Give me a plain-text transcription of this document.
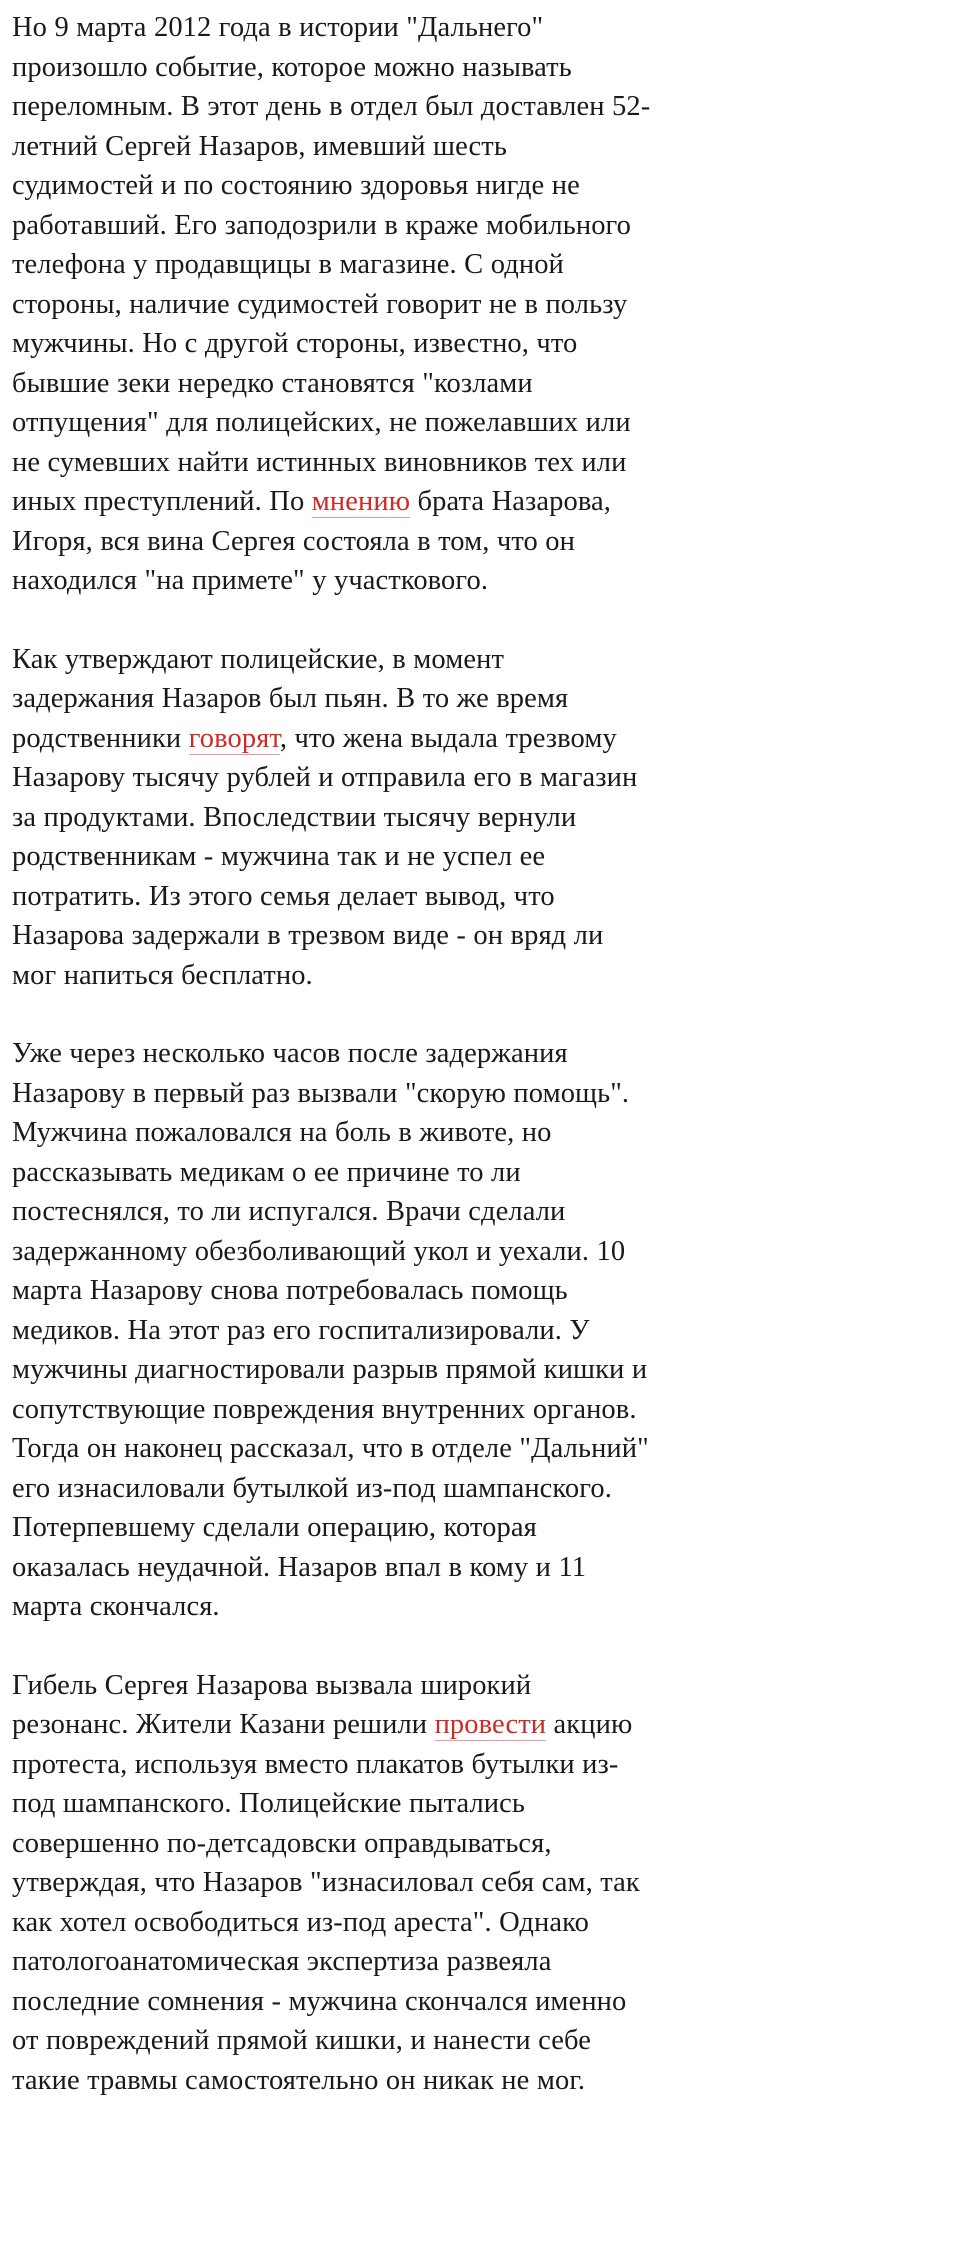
Но 9 марта 2012 года в истории "Дальнего" произошло событие, которое можно называть переломным. В этот день в отдел был доставлен 52-летний Сергей Назаров, имевший шесть судимостей и по состоянию здоровья нигде не работавший. Его заподозрили в краже мобильного телефона у продавщицы в магазине. С одной стороны, наличие судимостей говорит не в пользу мужчины. Но с другой стороны, известно, что бывшие зеки нередко становятся "козлами отпущения" для полицейских, не пожелавших или не сумевших найти истинных виновников тех или иных преступлений. По мнению брата Назарова, Игоря, вся вина Сергея состояла в том, что он находился "на примете" у участкового.

Как утверждают полицейские, в момент задержания Назаров был пьян. В то же время родственники говорят, что жена выдала трезвому Назарову тысячу рублей и отправила его в магазин за продуктами. Впоследствии тысячу вернули родственникам - мужчина так и не успел ее потратить. Из этого семья делает вывод, что Назарова задержали в трезвом виде - он вряд ли мог напиться бесплатно.

Уже через несколько часов после задержания Назарову в первый раз вызвали "скорую помощь". Мужчина пожаловался на боль в животе, но рассказывать медикам о ее причине то ли постеснялся, то ли испугался. Врачи сделали задержанному обезболивающий укол и уехали. 10 марта Назарову снова потребовалась помощь медиков. На этот раз его госпитализировали. У мужчины диагностировали разрыв прямой кишки и сопутствующие повреждения внутренних органов. Тогда он наконец рассказал, что в отделе "Дальний" его изнасиловали бутылкой из-под шампанского. Потерпевшему сделали операцию, которая оказалась неудачной. Назаров впал в кому и 11 марта скончался.

Гибель Сергея Назарова вызвала широкий резонанс. Жители Казани решили провести акцию протеста, используя вместо плакатов бутылки из-под шампанского. Полицейские пытались совершенно по-детсадовски оправдываться, утверждая, что Назаров "изнасиловал себя сам, так как хотел освободиться из-под ареста". Однако патологоанатомическая экспертиза развеяла последние сомнения - мужчина скончался именно от повреждений прямой кишки, и нанести себе такие травмы самостоятельно он никак не мог.
